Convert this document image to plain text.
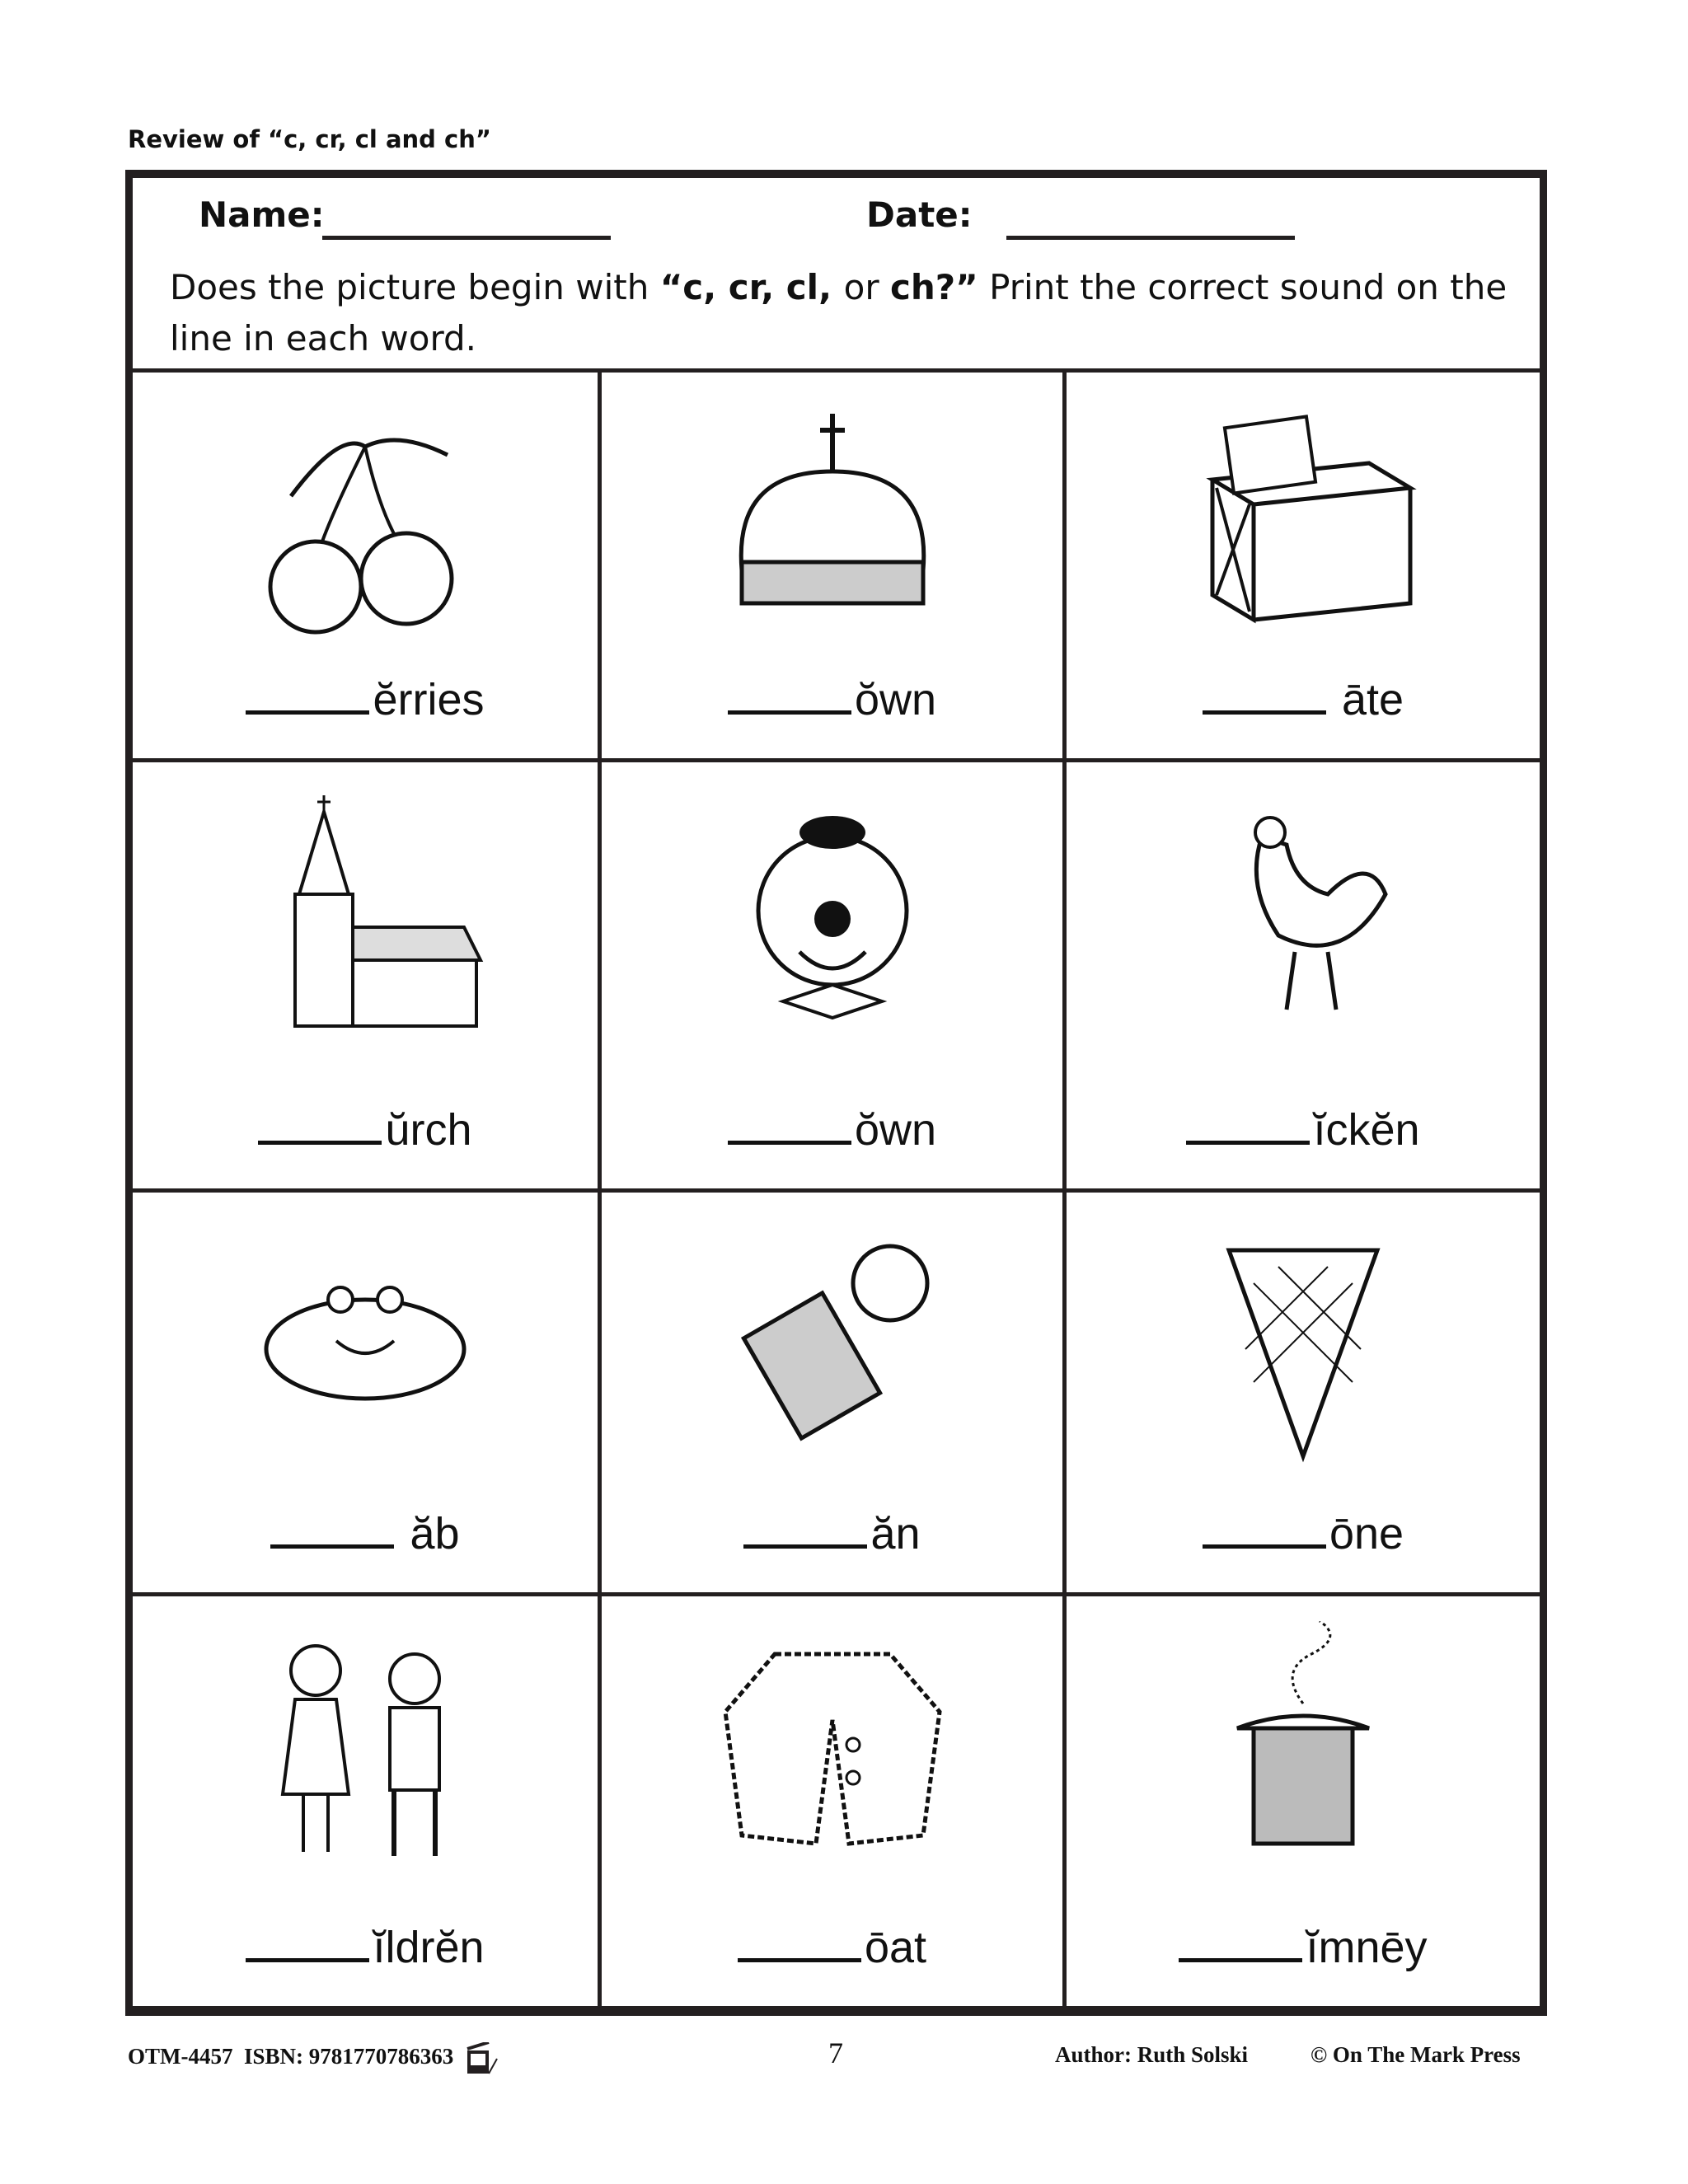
Review of “c, cr, cl and ch”
Name:	Date:
Does the picture begin with “c, cr, cl, or ch?” Print the correct sound on the line in each word.
ĕrries	ŏwn	āte
ŭrch	ŏwn	ĭckĕn
ăb	ăn	ōne
ĭldrĕn	ōat	ĭmnēy
OTM-4457 ISBN: 9781770786363	7	Author: Ruth Solski	© On The Mark Press
